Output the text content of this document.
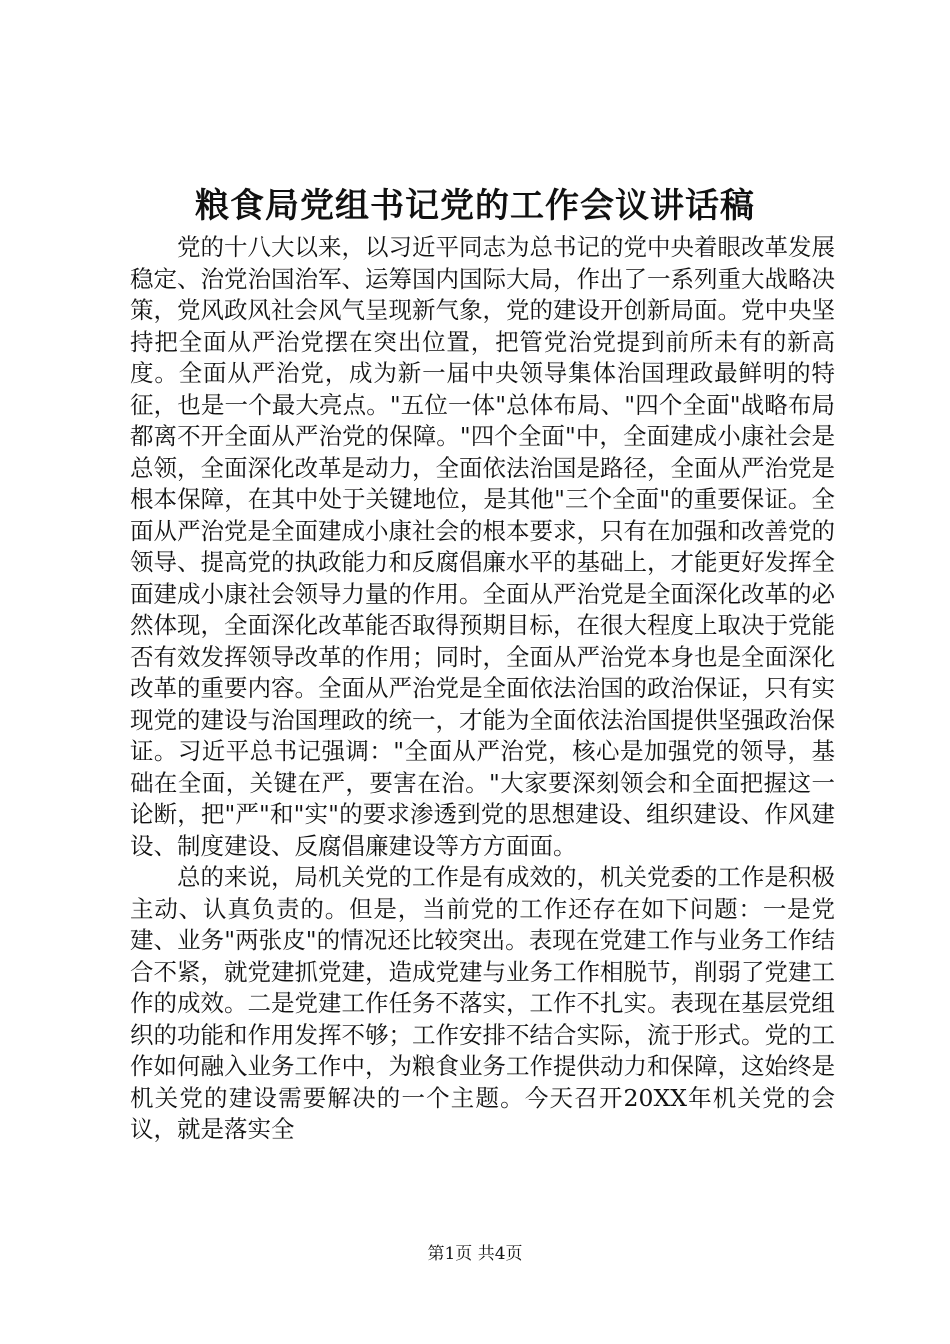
粮食局党组书记党的工作会议讲话稿

党的十八大以来，以习近平同志为总书记的党中央着眼改革发展稳定、治党治国治军、运筹国内国际大局，作出了一系列重大战略决策，党风政风社会风气呈现新气象，党的建设开创新局面。党中央坚持把全面从严治党摆在突出位置，把管党治党提到前所未有的新高度。全面从严治党，成为新一届中央领导集体治国理政最鲜明的特征，也是一个最大亮点。"五位一体"总体布局、"四个全面"战略布局都离不开全面从严治党的保障。"四个全面"中，全面建成小康社会是总领，全面深化改革是动力，全面依法治国是路径，全面从严治党是根本保障，在其中处于关键地位，是其他"三个全面"的重要保证。全面从严治党是全面建成小康社会的根本要求，只有在加强和改善党的领导、提高党的执政能力和反腐倡廉水平的基础上，才能更好发挥全面建成小康社会领导力量的作用。全面从严治党是全面深化改革的必然体现，全面深化改革能否取得预期目标，在很大程度上取决于党能否有效发挥领导改革的作用；同时，全面从严治党本身也是全面深化改革的重要内容。全面从严治党是全面依法治国的政治保证，只有实现党的建设与治国理政的统一，才能为全面依法治国提供坚强政治保证。习近平总书记强调："全面从严治党，核心是加强党的领导，基础在全面，关键在严，要害在治。"大家要深刻领会和全面把握这一论断，把"严"和"实"的要求渗透到党的思想建设、组织建设、作风建设、制度建设、反腐倡廉建设等方方面面。

总的来说，局机关党的工作是有成效的，机关党委的工作是积极主动、认真负责的。但是，当前党的工作还存在如下问题：一是党建、业务"两张皮"的情况还比较突出。表现在党建工作与业务工作结合不紧，就党建抓党建，造成党建与业务工作相脱节，削弱了党建工作的成效。二是党建工作任务不落实，工作不扎实。表现在基层党组织的功能和作用发挥不够；工作安排不结合实际，流于形式。党的工作如何融入业务工作中，为粮食业务工作提供动力和保障，这始终是机关党的建设需要解决的一个主题。今天召开20XX年机关党的会议，就是落实全

第1页 共4页
